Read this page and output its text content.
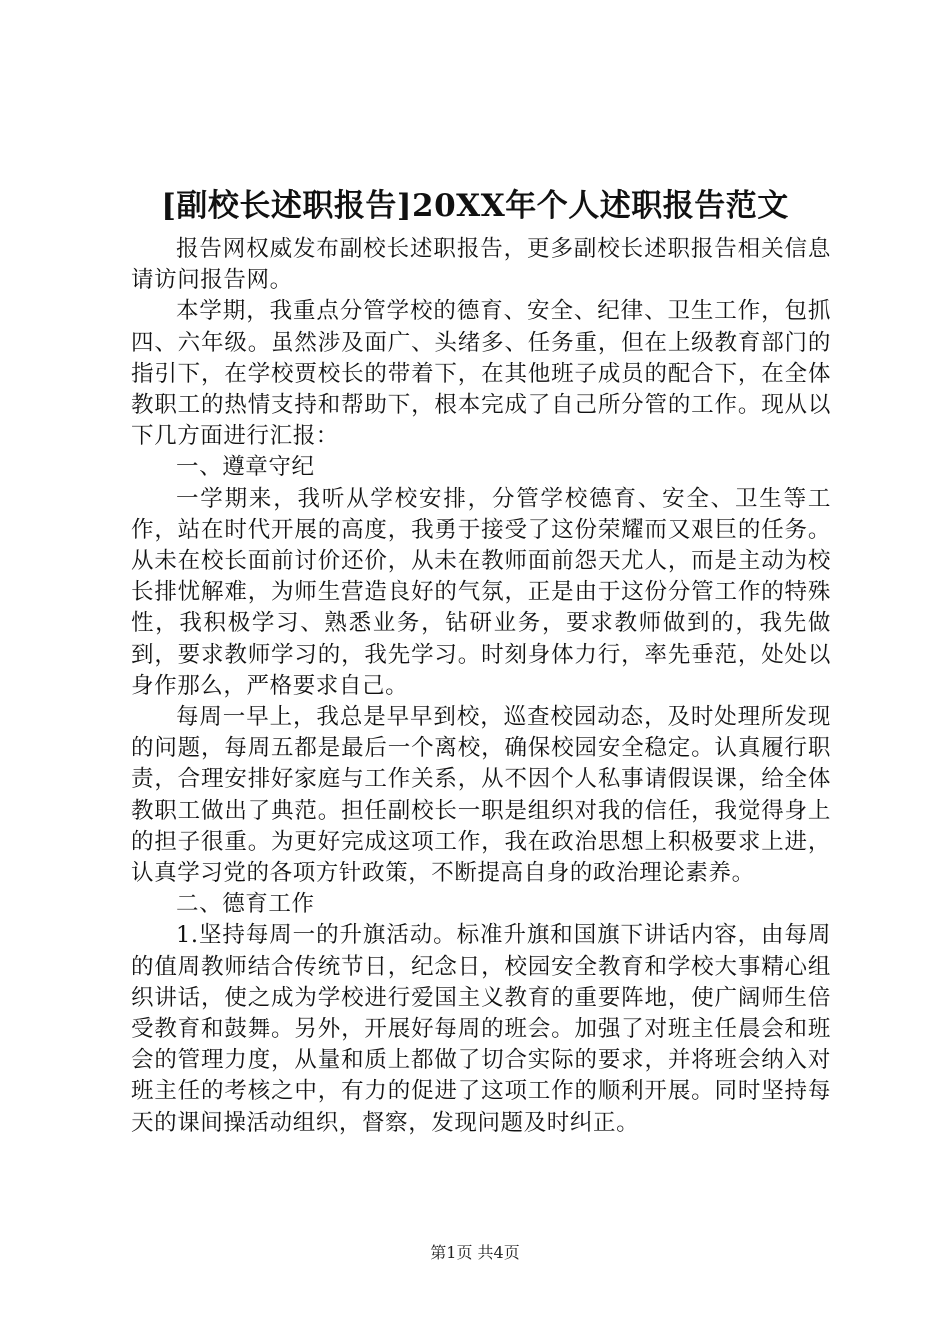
[副校长述职报告]20XX年个人述职报告范文

报告网权威发布副校长述职报告，更多副校长述职报告相关信息请访问报告网。

本学期，我重点分管学校的德育、安全、纪律、卫生工作，包抓四、六年级。虽然涉及面广、头绪多、任务重，但在上级教育部门的指引下，在学校贾校长的带着下，在其他班子成员的配合下，在全体教职工的热情支持和帮助下，根本完成了自己所分管的工作。现从以下几方面进行汇报：

一、遵章守纪

一学期来，我听从学校安排，分管学校德育、安全、卫生等工作，站在时代开展的高度，我勇于接受了这份荣耀而又艰巨的任务。从未在校长面前讨价还价，从未在教师面前怨天尤人，而是主动为校长排忧解难，为师生营造良好的气氛，正是由于这份分管工作的特殊性，我积极学习、熟悉业务，钻研业务，要求教师做到的，我先做到，要求教师学习的，我先学习。时刻身体力行，率先垂范，处处以身作那么，严格要求自己。

每周一早上，我总是早早到校，巡查校园动态，及时处理所发现的问题，每周五都是最后一个离校，确保校园安全稳定。认真履行职责，合理安排好家庭与工作关系，从不因个人私事请假误课，给全体教职工做出了典范。担任副校长一职是组织对我的信任，我觉得身上的担子很重。为更好完成这项工作，我在政治思想上积极要求上进，认真学习党的各项方针政策，不断提高自身的政治理论素养。

二、德育工作

1.坚持每周一的升旗活动。标准升旗和国旗下讲话内容，由每周的值周教师结合传统节日，纪念日，校园安全教育和学校大事精心组织讲话，使之成为学校进行爱国主义教育的重要阵地，使广阔师生倍受教育和鼓舞。另外，开展好每周的班会。加强了对班主任晨会和班会的管理力度，从量和质上都做了切合实际的要求，并将班会纳入对班主任的考核之中，有力的促进了这项工作的顺利开展。同时坚持每天的课间操活动组织，督察，发现问题及时纠正。

第1页 共4页
